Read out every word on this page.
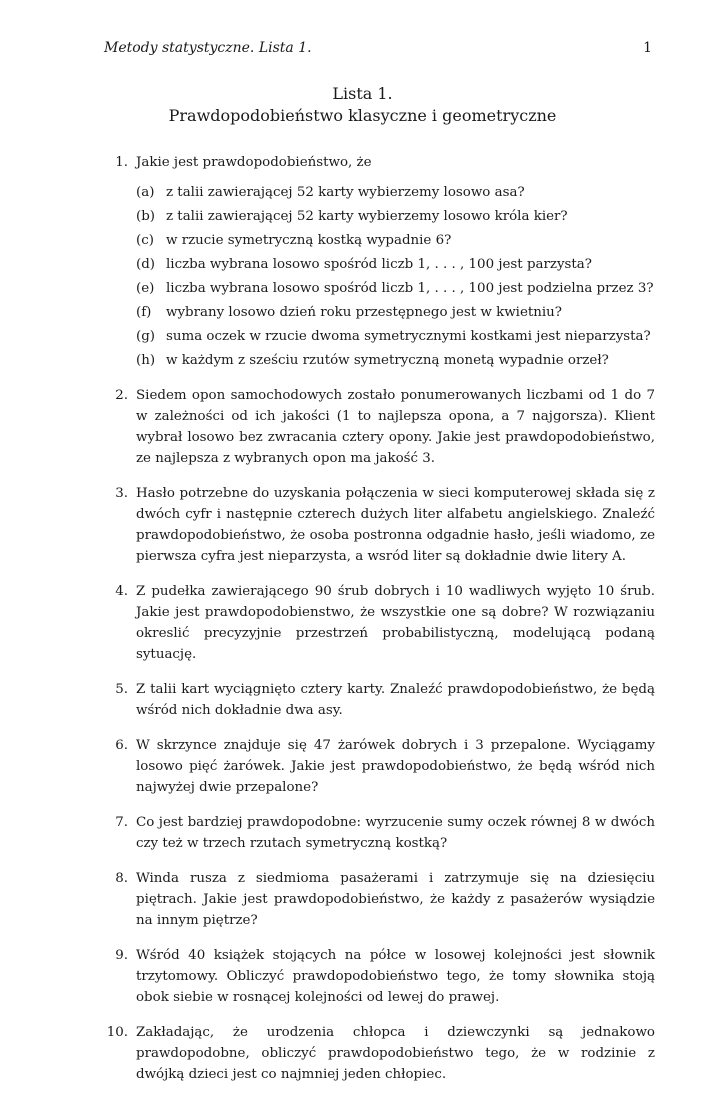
Metody statystyczne. Lista 1.	1
Lista 1.
Prawdopodobieństwo klasyczne i geometryczne
1. Jakie jest prawdopodobieństwo, że
(a) z talii zawierającej 52 karty wybierzemy losowo asa?
(b) z talii zawierającej 52 karty wybierzemy losowo króla kier?
(c) w rzucie symetryczną kostką wypadnie 6?
(d) liczba wybrana losowo spośród liczb 1, . . . , 100 jest parzysta?
(e) liczba wybrana losowo spośród liczb 1, . . . , 100 jest podzielna przez 3?
(f)	wybrany losowo dzień roku przestępnego jest w kwietniu?
(g) suma oczek w rzucie dwoma symetrycznymi kostkami jest nieparzysta?
(h) w każdym z sześciu rzutów symetryczną monetą wypadnie orzeł?
2. Siedem opon samochodowych zostało ponumerowanych liczbami od 1 do 7 w zależności od ich jakości (1 to najlepsza opona, a 7 najgorsza). Klient wybrał losowo bez zwracania cztery opony. Jakie jest prawdopodobieństwo, ze najlepsza z wybranych opon ma jakość 3.
3. Hasło potrzebne do uzyskania połączenia w sieci komputerowej składa się z dwóch cyfr i następnie czterech dużych liter alfabetu angielskiego. Znaleźć prawdopodobieństwo, że osoba postronna odgadnie hasło, jeśli wiadomo, ze pierwsza cyfra jest nieparzysta, a wsród liter są dokładnie dwie litery A.
4. Z pudełka zawierającego 90 śrub dobrych i 10 wadliwych wyjęto 10 śrub. Jakie jest prawdopodobienstwo, że wszystkie one są dobre? W rozwiązaniu okreslić precyzyjnie przestrzeń probabilistyczną, modelującą podaną sytuację.
5. Z talii kart wyciągnięto cztery karty. Znaleźć prawdopodobieństwo, że będą wśród nich dokładnie dwa asy.
6. W skrzynce znajduje się 47 żarówek dobrych i 3 przepalone. Wyciągamy losowo pięć żarówek. Jakie jest prawdopodobieństwo, że będą wśród nich najwyżej dwie przepalone?
7. Co jest bardziej prawdopodobne: wyrzucenie sumy oczek równej 8 w dwóch czy też w trzech rzutach symetryczną kostką?
8. Winda rusza z siedmioma pasażerami i zatrzymuje się na dziesięciu piętrach. Jakie jest prawdopodobieństwo, że każdy z pasażerów wysiądzie na innym piętrze?
9. Wśród 40 książek stojących na półce w losowej kolejności jest słownik trzytomowy. Obliczyć prawdopodobieństwo tego, że tomy słownika stoją obok siebie w rosnącej kolejności od lewej do prawej.
10. Zakładając, że urodzenia chłopca i dziewczynki są jednakowo prawdopodobne, obliczyć prawdopodobieństwo tego, że w rodzinie z dwójką dzieci jest co najmniej jeden chłopiec.
